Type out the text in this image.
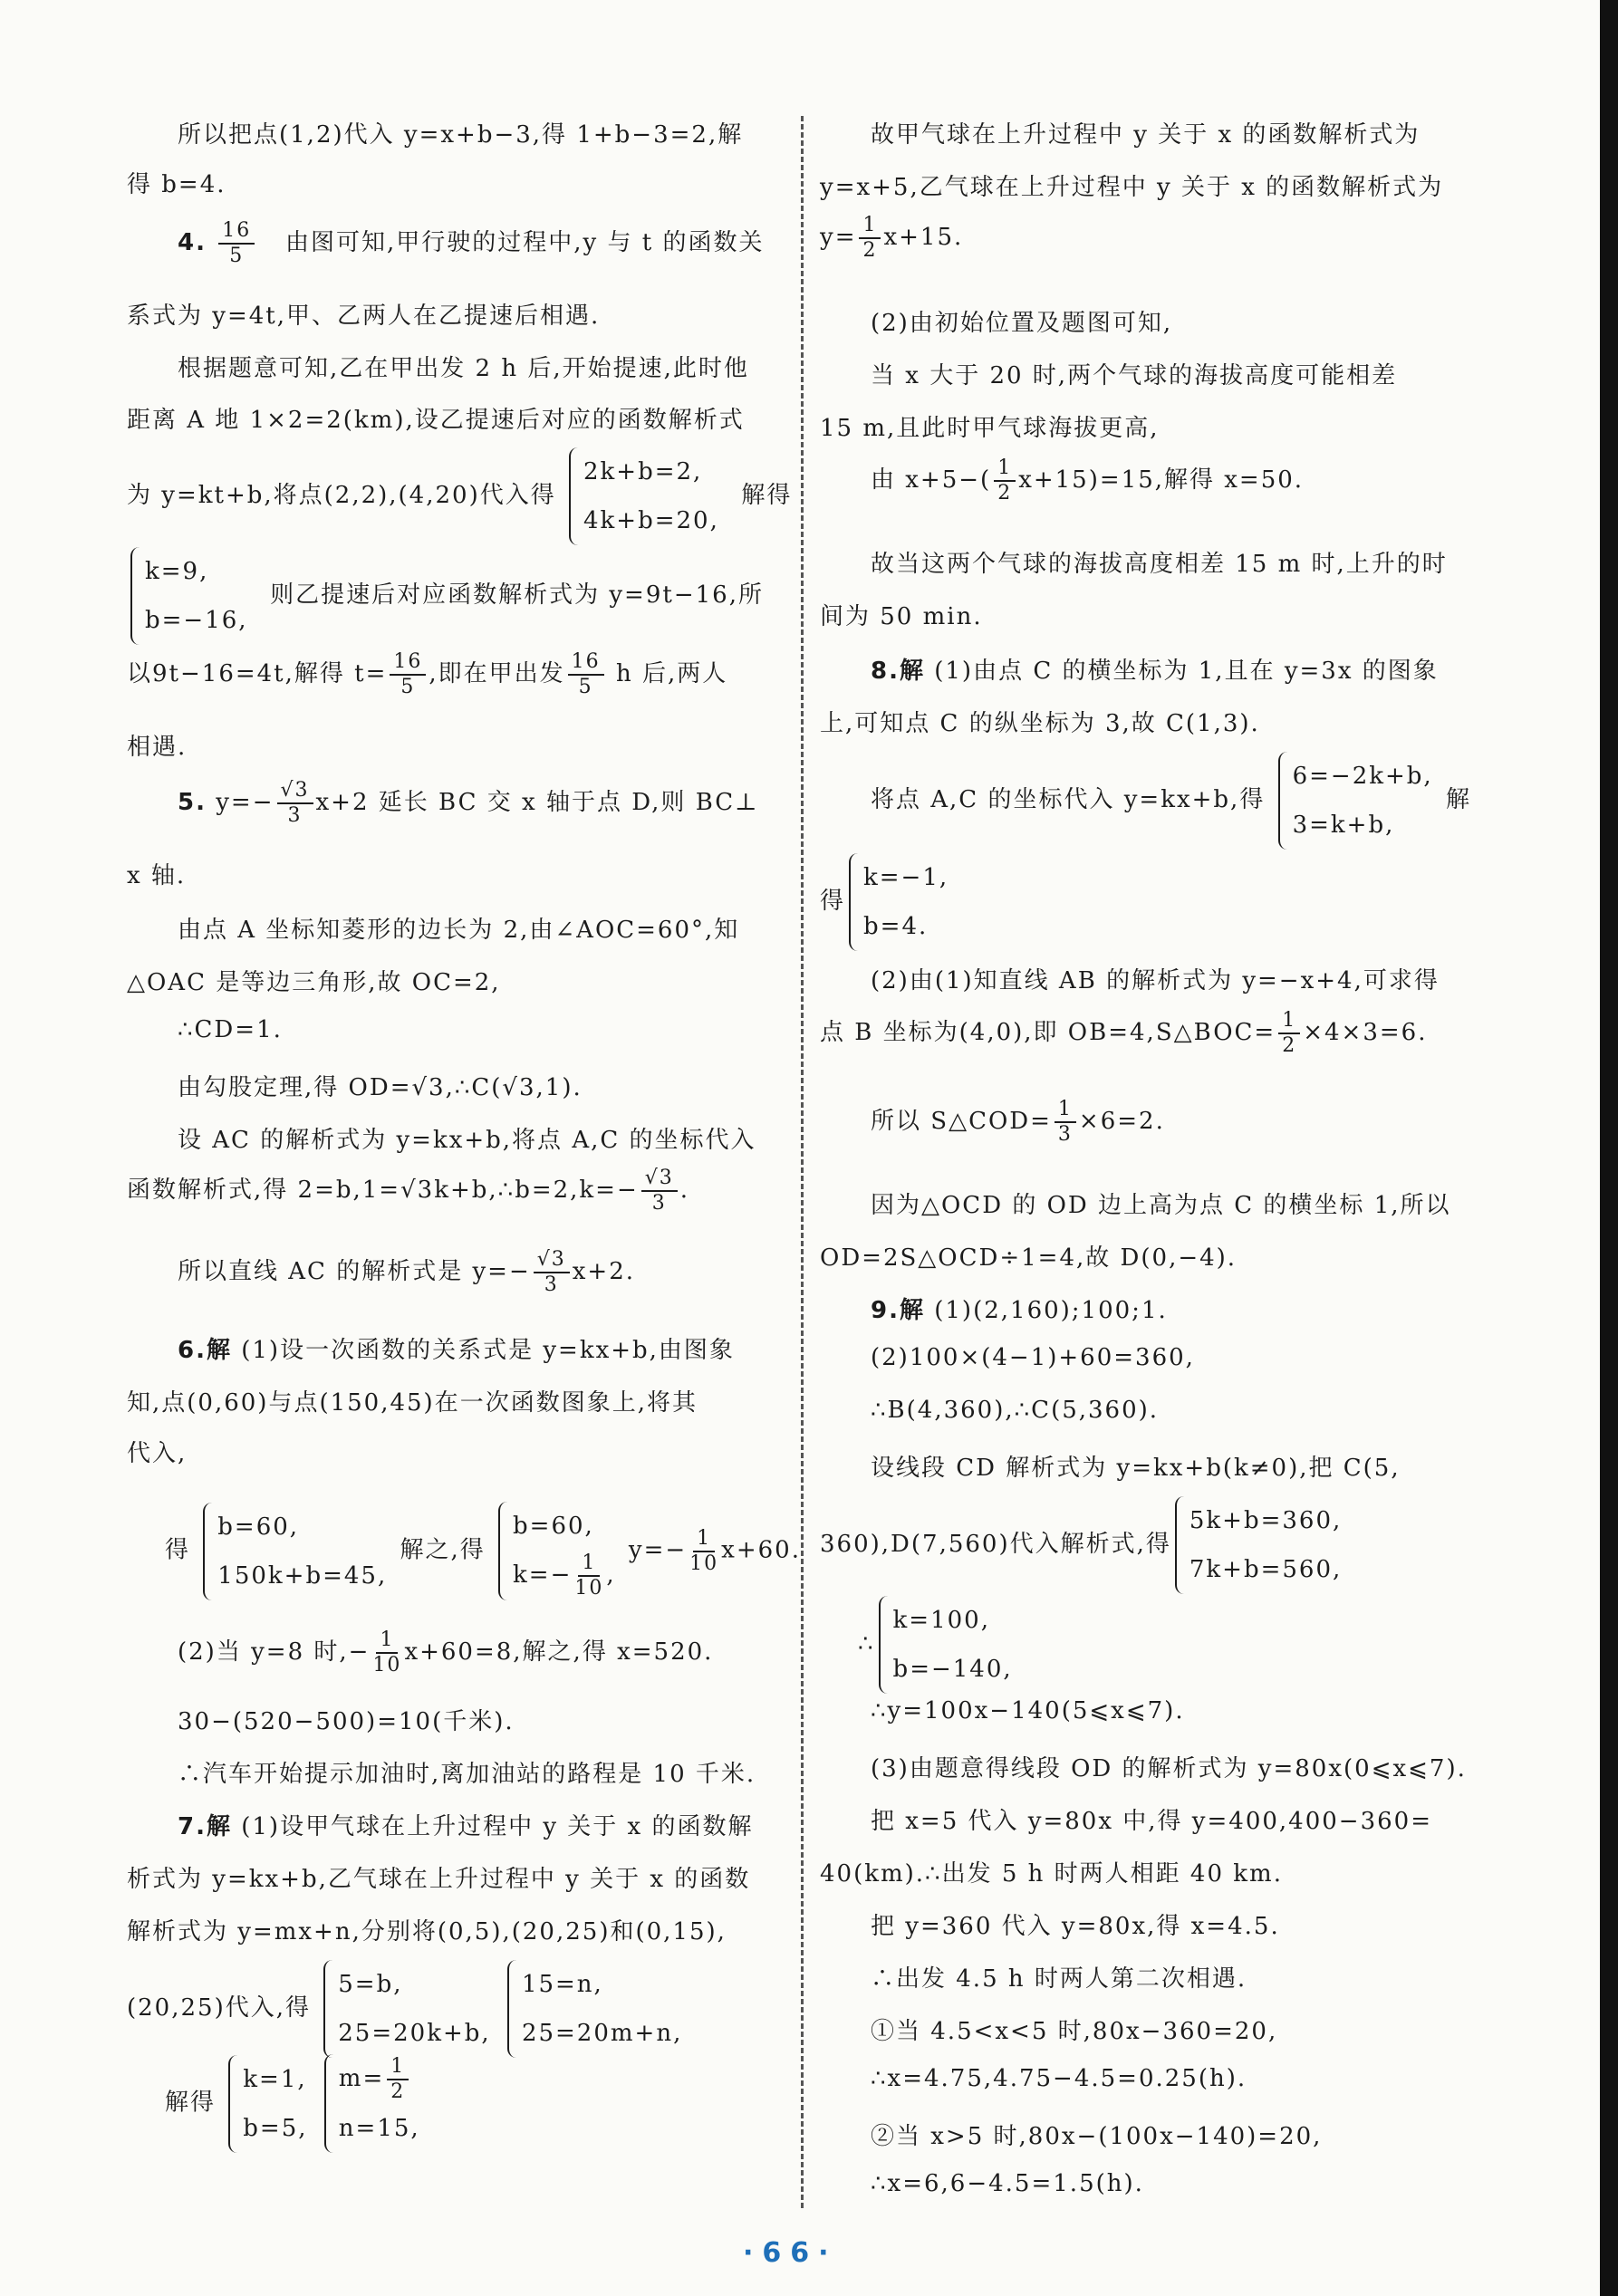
所以把点(1,2)代入 y=x+b−3,得 1+b−3=2,解
得 b=4.
4. $\frac{16}{5}$ 由图可知,甲行驶的过程中,y 与 t 的函数关
系式为 y=4t,甲、乙两人在乙提速后相遇.
根据题意可知,乙在甲出发 2 h 后,开始提速,此时他
距离 A 地 1×2=2(km),设乙提速后对应的函数解析式
为 y=kt+b,将点(2,2),(4,20)代入得
2k+b=2,
4k+b=20,
解得
k=9,
b=−16,
则乙提速后对应函数解析式为 y=9t−16,所
以9t−16=4t,解得 $t= \frac{16}{5}$ ,即在甲出发 $\frac{16}{5}$ h 后,两人
相遇.
5. $y=- \frac{√3}{3} x+2$ 延长 BC 交 x 轴于点 D,则 BC⊥
x 轴.
由点 A 坐标知菱形的边长为 2,由∠AOC=60°,知
△OAC 是等边三角形,故 OC=2,
∴CD=1.
由勾股定理,得 OD=√3,∴C(√3,1).
设 AC 的解析式为 y=kx+b,将点 A,C 的坐标代入
函数解析式,得 2=b,1=√3k+b,∴b=2,k=− $\frac{√3}{3}$ .
所以直线 AC 的解析式是 $y=- \frac{√3}{3} x+2$.
6.解 (1)设一次函数的关系式是 y=kx+b,由图象
知,点(0,60)与点(150,45)在一次函数图象上,将其
代入,
得
b=60,
150k+b=45,
解之,得
b=60,
$k=- \frac{1}{10}$ ,
$y=- \frac{1}{10} x+60$.
(2)当 y=8 时,− $\frac{1}{10} x+60=8$,解之,得 x=520.
30−(520−500)=10(千米).
∴汽车开始提示加油时,离加油站的路程是 10 千米.
7.解 (1)设甲气球在上升过程中 y 关于 x 的函数解
析式为 y=kx+b,乙气球在上升过程中 y 关于 x 的函数
解析式为 y=mx+n,分别将(0,5),(20,25)和(0,15),
(20,25)代入,得
5=b,
25=20k+b,

15=n,
25=20m+n,
解得
k=1,
b=5,

$m= \frac{1}{2}$
n=15,
故甲气球在上升过程中 y 关于 x 的函数解析式为
y=x+5,乙气球在上升过程中 y 关于 x 的函数解析式为
$y= \frac{1}{2} x+15$.
(2)由初始位置及题图可知,
当 x 大于 20 时,两个气球的海拔高度可能相差
15 m,且此时甲气球海拔更高,
由 $x+5-( \frac{1}{2} x+15)=15$,解得 x=50.
故当这两个气球的海拔高度相差 15 m 时,上升的时
间为 50 min.
8.解 (1)由点 C 的横坐标为 1,且在 y=3x 的图象
上,可知点 C 的纵坐标为 3,故 C(1,3).
将点 A,C 的坐标代入 y=kx+b,得
6=−2k+b,
3=k+b,
解
得
k=−1,
b=4.
(2)由(1)知直线 AB 的解析式为 y=−x+4,可求得
点 B 坐标为(4,0),即 OB=4,S△BOC= $\frac{1}{2} \times 4\times 3=6$.
所以 S△COD= $\frac{1}{3} \times 6=2$.
因为△OCD 的 OD 边上高为点 C 的横坐标 1,所以
OD=2S△OCD÷1=4,故 D(0,−4).
9.解 (1)(2,160);100;1.
(2)100×(4−1)+60=360,
∴B(4,360),∴C(5,360).
设线段 CD 解析式为 y=kx+b(k≠0),把 C(5,
360),D(7,560)代入解析式,得
5k+b=360,
7k+b=560,
∴
k=100,
b=−140,
∴y=100x−140(5⩽x⩽7).
(3)由题意得线段 OD 的解析式为 y=80x(0⩽x⩽7).
把 x=5 代入 y=80x 中,得 y=400,400−360=
40(km).∴出发 5 h 时两人相距 40 km.
把 y=360 代入 y=80x,得 x=4.5.
∴出发 4.5 h 时两人第二次相遇.
①当 4.5<x<5 时,80x−360=20,
∴x=4.75,4.75−4.5=0.25(h).
②当 x>5 时,80x−(100x−140)=20,
∴x=6,6−4.5=1.5(h).
·66·
